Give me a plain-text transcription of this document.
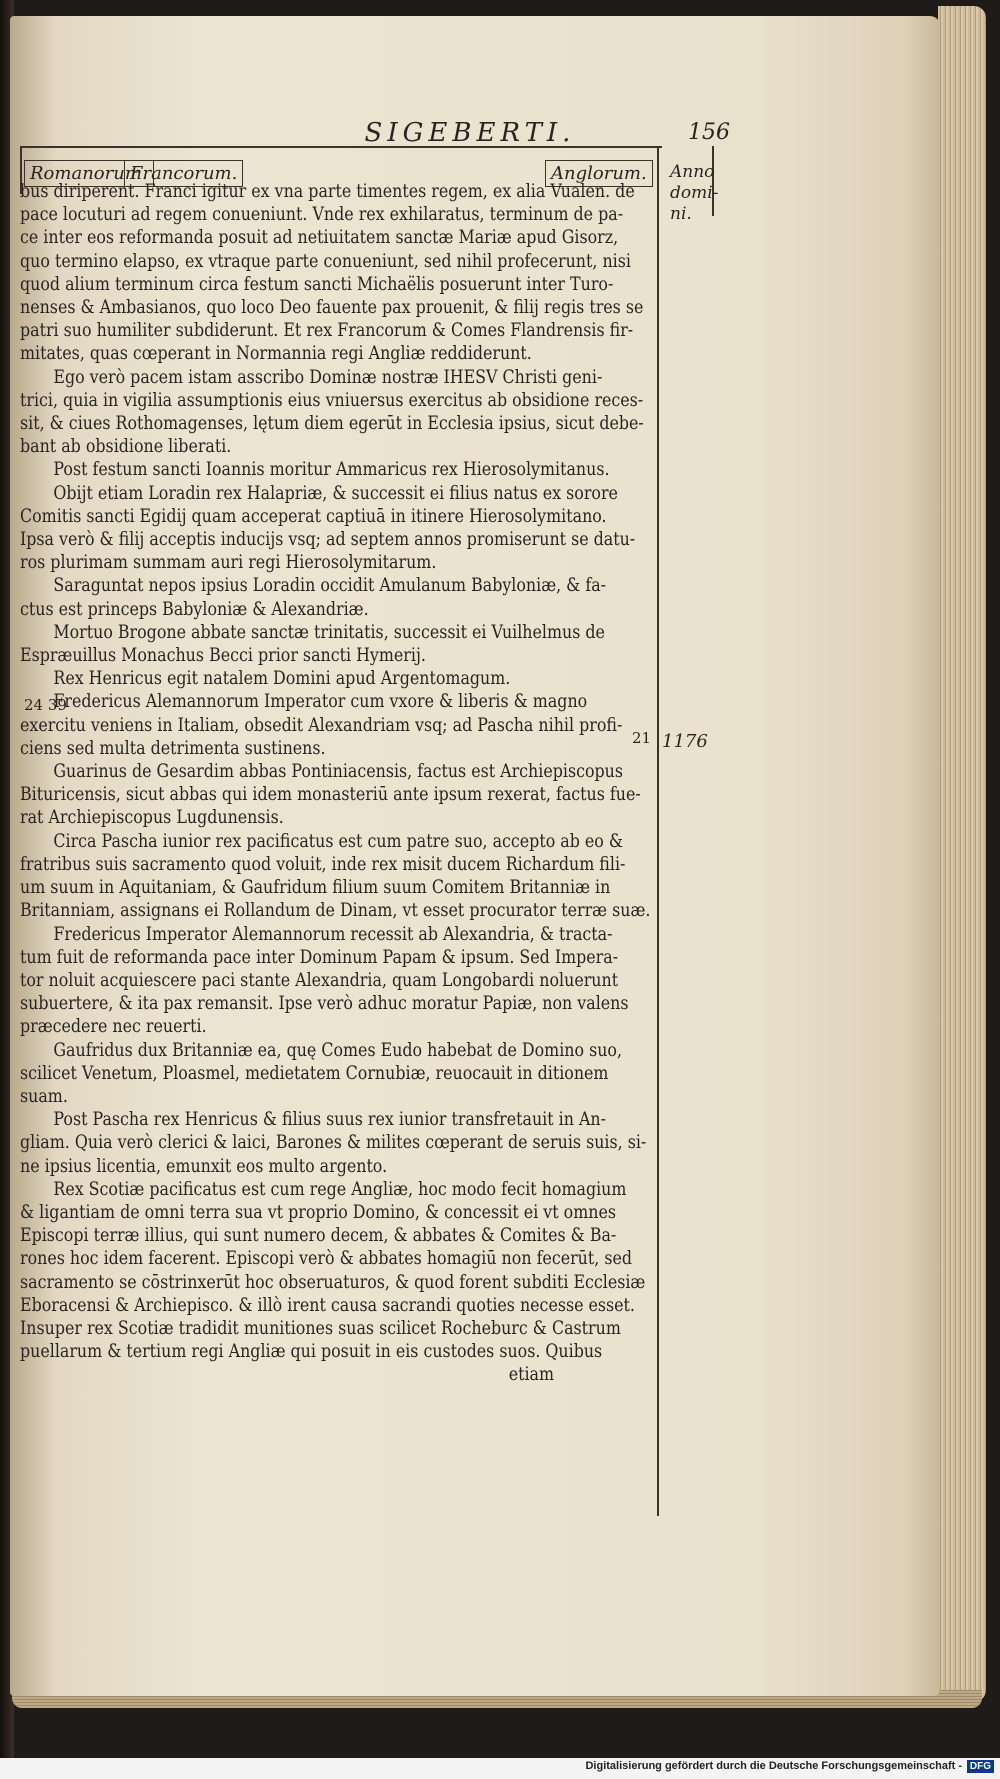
SIGEBERTI.	156
Romanorum.
Francorum.	Anglorum.	Anno
domi-
ni.
1176
21
24 39

bus diriperent. Franci igitur ex vna parte timentes regem, ex alia Vualen. de

pace locuturi ad regem conueniunt. Vnde rex exhilaratus, terminum de pa-

ce inter eos reformanda posuit ad netiuitatem sanctæ Mariæ apud Gisorz,

quo termino elapso, ex vtraque parte conueniunt, sed nihil profecerunt, nisi

quod alium terminum circa festum sancti Michaëlis posuerunt inter Turo-

nenses & Ambasianos, quo loco Deo fauente pax prouenit, & filij regis tres se

patri suo humiliter subdiderunt. Et rex Francorum & Comes Flandrensis fir-

mitates, quas cœperant in Normannia regi Angliæ reddiderunt.

Ego verò pacem istam asscribo Dominæ nostræ IHESV Christi geni-

trici, quia in vigilia assumptionis eius vniuersus exercitus ab obsidione reces-

sit, & ciues Rothomagenses, lętum diem egerūt in Ecclesia ipsius, sicut debe-

bant ab obsidione liberati.

Post festum sancti Ioannis moritur Ammaricus rex Hierosolymitanus.

Obijt etiam Loradin rex Halapriæ, & successit ei filius natus ex sorore

Comitis sancti Egidij quam acceperat captiuā in itinere Hierosolymitano.

Ipsa verò & filij acceptis inducijs vsq; ad septem annos promiserunt se datu-

ros plurimam summam auri regi Hierosolymitarum.

Saraguntat nepos ipsius Loradin occidit Amulanum Babyloniæ, & fa-

ctus est princeps Babyloniæ & Alexandriæ.

Mortuo Brogone abbate sanctæ trinitatis, successit ei Vuilhelmus de

Espræuillus Monachus Becci prior sancti Hymerij.

Rex Henricus egit natalem Domini apud Argentomagum.

Fredericus Alemannorum Imperator cum vxore & liberis & magno

exercitu veniens in Italiam, obsedit Alexandriam vsq; ad Pascha nihil profi-

ciens sed multa detrimenta sustinens.

Guarinus de Gesardim abbas Pontiniacensis, factus est Archiepiscopus

Bituricensis, sicut abbas qui idem monasteriū ante ipsum rexerat, factus fue-

rat Archiepiscopus Lugdunensis.

Circa Pascha iunior rex pacificatus est cum patre suo, accepto ab eo &

fratribus suis sacramento quod voluit, inde rex misit ducem Richardum fili-

um suum in Aquitaniam, & Gaufridum filium suum Comitem Britanniæ in

Britanniam, assignans ei Rollandum de Dinam, vt esset procurator terræ suæ.

Fredericus Imperator Alemannorum recessit ab Alexandria, & tracta-

tum fuit de reformanda pace inter Dominum Papam & ipsum. Sed Impera-

tor noluit acquiescere paci stante Alexandria, quam Longobardi noluerunt

subuertere, & ita pax remansit. Ipse verò adhuc moratur Papiæ, non valens

præcedere nec reuerti.

Gaufridus dux Britanniæ ea, quę Comes Eudo habebat de Domino suo,

scilicet Venetum, Ploasmel, medietatem Cornubiæ, reuocauit in ditionem

suam.

Post Pascha rex Henricus & filius suus rex iunior transfretauit in An-

gliam. Quia verò clerici & laici, Barones & milites cœperant de seruis suis, si-

ne ipsius licentia, emunxit eos multo argento.

Rex Scotiæ pacificatus est cum rege Angliæ, hoc modo fecit homagium

& ligantiam de omni terra sua vt proprio Domino, & concessit ei vt omnes

Episcopi terræ illius, qui sunt numero decem, & abbates & Comites & Ba-

rones hoc idem facerent. Episcopi verò & abbates homagiū non fecerūt, sed

sacramento se cōstrinxerūt hoc obseruaturos, & quod forent subditi Ecclesiæ

Eboracensi & Archiepisco. & illò irent causa sacrandi quoties necesse esset.

Insuper rex Scotiæ tradidit munitiones suas scilicet Rocheburc & Castrum

puellarum & tertium regi Angliæ qui posuit in eis custodes suos. Quibus

etiam

Digitalisierung gefördert durch die Deutsche Forschungsgemeinschaft - DFG
